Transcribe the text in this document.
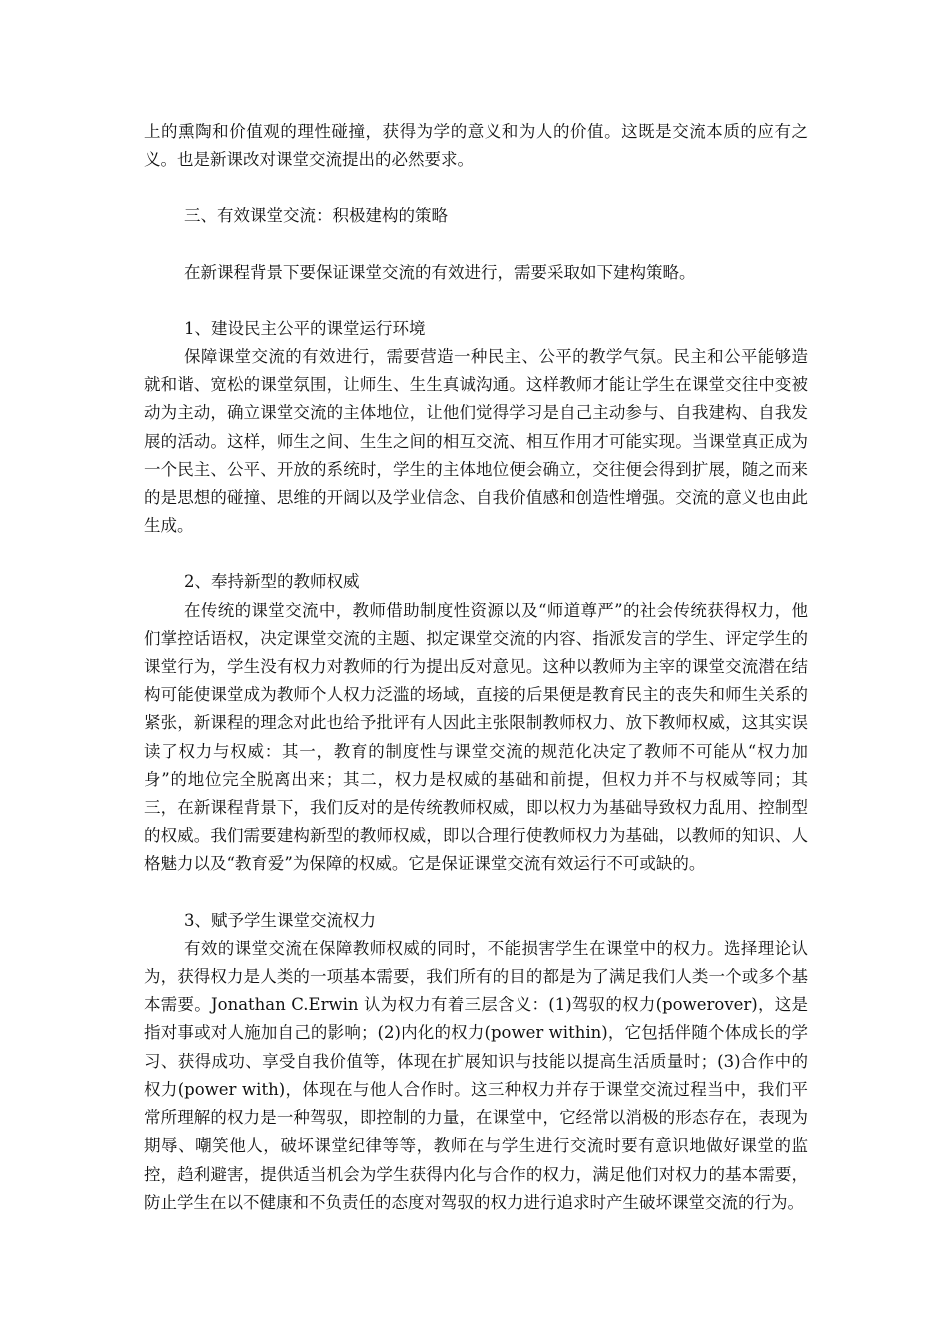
上的熏陶和价值观的理性碰撞，获得为学的意义和为人的价值。这既是交流本质的应有之义。也是新课改对课堂交流提出的必然要求。

三、有效课堂交流：积极建构的策略

在新课程背景下要保证课堂交流的有效进行，需要采取如下建构策略。

1、建设民主公平的课堂运行环境

保障课堂交流的有效进行，需要营造一种民主、公平的教学气氛。民主和公平能够造就和谐、宽松的课堂氛围，让师生、生生真诚沟通。这样教师才能让学生在课堂交往中变被动为主动，确立课堂交流的主体地位，让他们觉得学习是自己主动参与、自我建构、自我发展的活动。这样，师生之间、生生之间的相互交流、相互作用才可能实现。当课堂真正成为一个民主、公平、开放的系统时，学生的主体地位便会确立，交往便会得到扩展，随之而来的是思想的碰撞、思维的开阔以及学业信念、自我价值感和创造性增强。交流的意义也由此生成。

2、奉持新型的教师权威

在传统的课堂交流中，教师借助制度性资源以及“师道尊严”的社会传统获得权力，他们掌控话语权，决定课堂交流的主题、拟定课堂交流的内容、指派发言的学生、评定学生的课堂行为，学生没有权力对教师的行为提出反对意见。这种以教师为主宰的课堂交流潜在结构可能使课堂成为教师个人权力泛滥的场域，直接的后果便是教育民主的丧失和师生关系的紧张，新课程的理念对此也给予批评有人因此主张限制教师权力、放下教师权威，这其实误读了权力与权威：其一，教育的制度性与课堂交流的规范化决定了教师不可能从“权力加身”的地位完全脱离出来；其二，权力是权威的基础和前提，但权力并不与权威等同；其三，在新课程背景下，我们反对的是传统教师权威，即以权力为基础导致权力乱用、控制型的权威。我们需要建构新型的教师权威，即以合理行使教师权力为基础，以教师的知识、人格魅力以及“教育爱”为保障的权威。它是保证课堂交流有效运行不可或缺的。

3、赋予学生课堂交流权力

有效的课堂交流在保障教师权威的同时，不能损害学生在课堂中的权力。选择理论认为，获得权力是人类的一项基本需要，我们所有的目的都是为了满足我们人类一个或多个基本需要。Jonathan C.Erwin 认为权力有着三层含义：(1)驾驭的权力(powerover)，这是指对事或对人施加自己的影响；(2)内化的权力(power within)，它包括伴随个体成长的学习、获得成功、享受自我价值等，体现在扩展知识与技能以提高生活质量时；(3)合作中的权力(power with)，体现在与他人合作时。这三种权力并存于课堂交流过程当中，我们平常所理解的权力是一种驾驭，即控制的力量，在课堂中，它经常以消极的形态存在，表现为期辱、嘲笑他人，破坏课堂纪律等等，教师在与学生进行交流时要有意识地做好课堂的监控，趋利避害，提供适当机会为学生获得内化与合作的权力，满足他们对权力的基本需要，防止学生在以不健康和不负责任的态度对驾驭的权力进行追求时产生破坏课堂交流的行为。
